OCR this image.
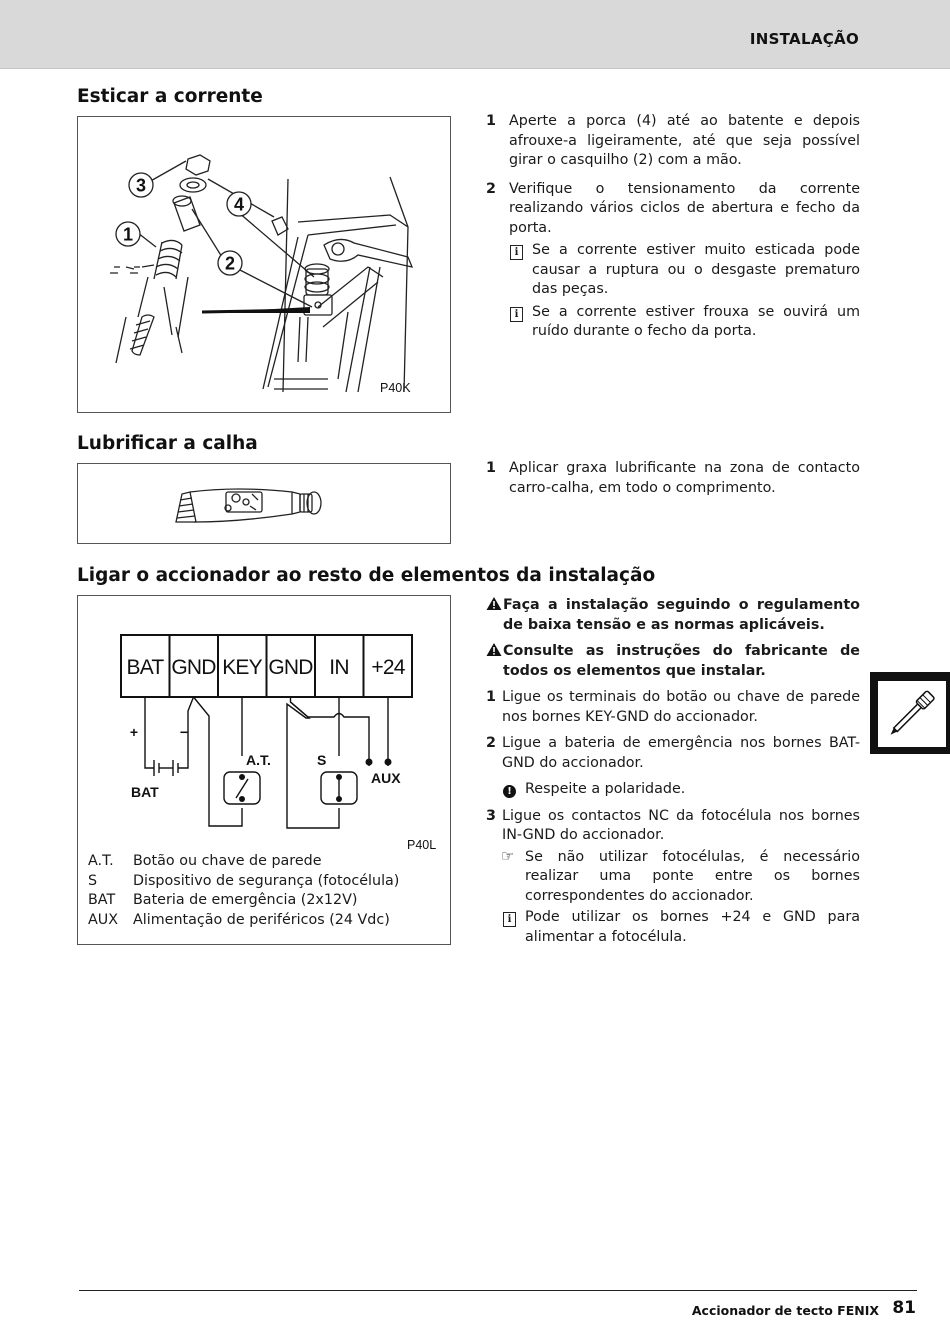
INSTALAÇÃO
Esticar a corrente
3
4
1
2
P40K
1 Aperte a porca (4) até ao batente e depois afrouxe-a ligeiramente, até que seja possível girar o casquilho (2) com a mão.
2 Verifique o tensionamento da corrente realizando vários ciclos de abertura e fecho da porta.
i Se a corrente estiver muito esticada pode causar a ruptura ou o desgaste prematuro das peças.
i Se a corrente estiver frouxa se ouvirá um ruído durante o fecho da porta.
Lubrificar a calha
1 Aplicar graxa lubrificante na zona de contacto carro-calha, em todo o comprimento.
Ligar o accionador ao resto de elementos da instalação
BAT GND KEY GND IN +24
+	−
BAT
A.T.	S
AUX
P40L
A.T.	Botão ou chave de parede
S	Dispositivo de segurança (fotocélula)
BAT	Bateria de emergência (2x12V)
AUX	Alimentação de periféricos (24 Vdc)
Faça a instalação seguindo o regulamento de baixa tensão e as normas aplicáveis.
Consulte as instruções do fabricante de todos os elementos que instalar.
1 Ligue os terminais do botão ou chave de parede nos bornes KEY-GND do accionador.
2 Ligue a bateria de emergência nos bornes BAT-GND do accionador.
! Respeite a polaridade.
3 Ligue os contactos NC da fotocélula nos bornes IN-GND do accionador.
☞ Se não utilizar fotocélulas, é necessário realizar uma ponte entre os bornes correspondentes do accionador.
i Pode utilizar os bornes +24 e GND para alimentar a fotocélula.
Accionador de tecto FENIX 81
